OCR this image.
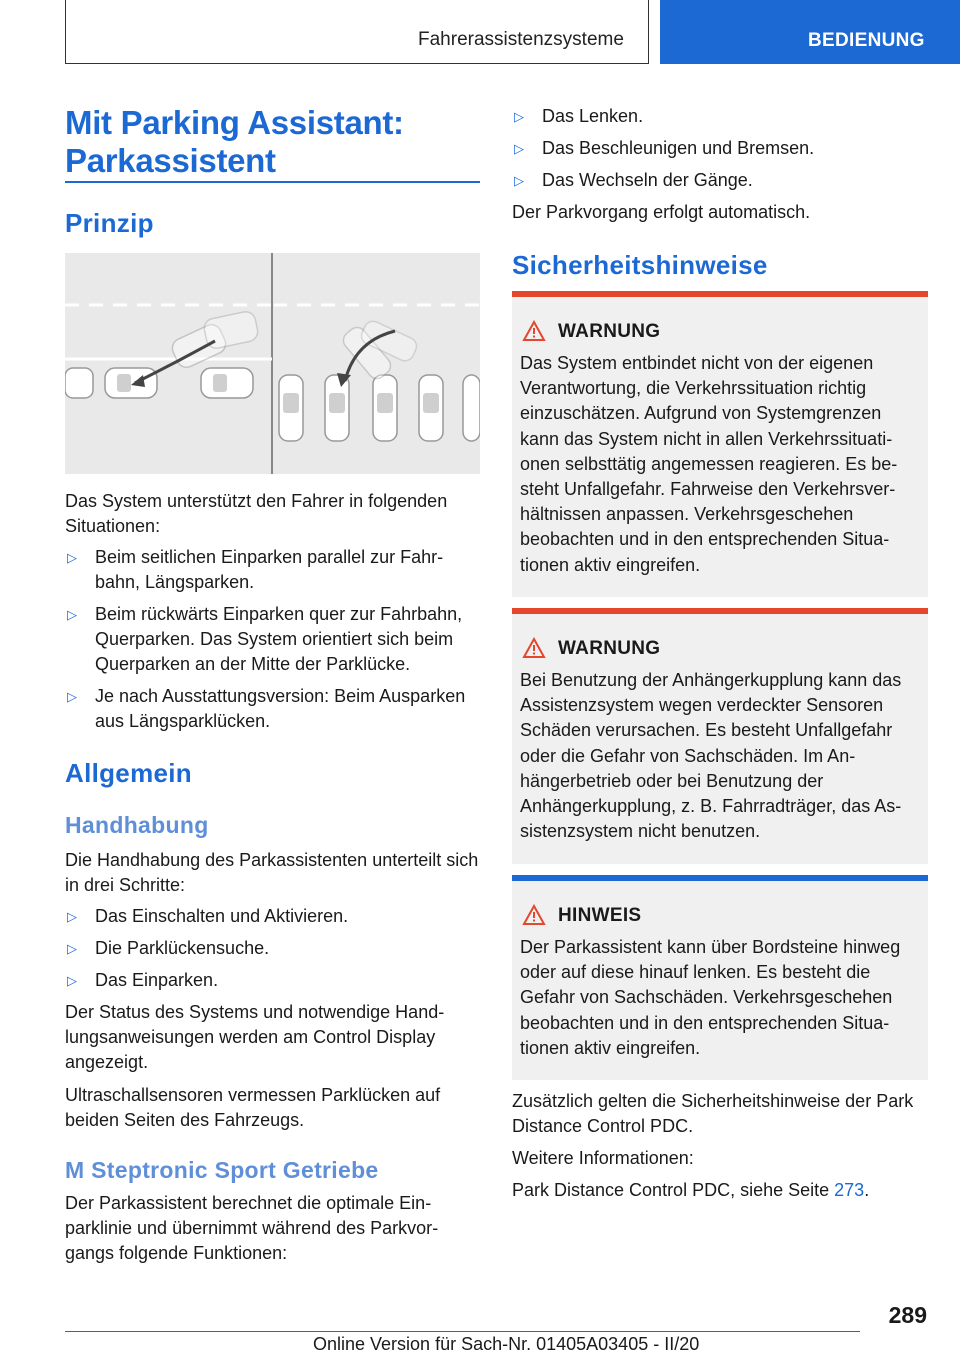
Fahrerassistenzsysteme	BEDIENUNG
Mit Parking Assistant: Parkassistent
Prinzip
Das System unterstützt den Fahrer in folgenden Situationen:
▷ Beim seitlichen Einparken parallel zur Fahrbahn, Längsparken.
▷ Beim rückwärts Einparken quer zur Fahrbahn, Querparken. Das System orientiert sich beim Querparken an der Mitte der Parklücke.
▷ Je nach Ausstattungsversion: Beim Ausparken aus Längsparklücken.
Allgemein
Handhabung
Die Handhabung des Parkassistenten unterteilt sich in drei Schritte:
▷ Das Einschalten und Aktivieren.
▷ Die Parklückensuche.
▷ Das Einparken.
Der Status des Systems und notwendige Handlungsanweisungen werden am Control Display angezeigt.
Ultraschallsensoren vermessen Parklücken auf beiden Seiten des Fahrzeugs.
M Steptronic Sport Getriebe
Der Parkassistent berechnet die optimale Einparklinie und übernimmt während des Parkvorgangs folgende Funktionen:
▷ Das Lenken.
▷ Das Beschleunigen und Bremsen.
▷ Das Wechseln der Gänge.
Der Parkvorgang erfolgt automatisch.
Sicherheitshinweise
WARNUNG
Das System entbindet nicht von der eigenen Verantwortung, die Verkehrssituation richtig einzuschätzen. Aufgrund von Systemgrenzen kann das System nicht in allen Verkehrssituationen selbsttätig angemessen reagieren. Es besteht Unfallgefahr. Fahrweise den Verkehrsverhältnissen anpassen. Verkehrsgeschehen beobachten und in den entsprechenden Situationen aktiv eingreifen.
WARNUNG
Bei Benutzung der Anhängerkupplung kann das Assistenzsystem wegen verdeckter Sensoren Schäden verursachen. Es besteht Unfallgefahr oder die Gefahr von Sachschäden. Im Anhängerbetrieb oder bei Benutzung der Anhängerkupplung, z. B. Fahrradträger, das Assistenzsystem nicht benutzen.
HINWEIS
Der Parkassistent kann über Bordsteine hinweg oder auf diese hinauf lenken. Es besteht die Gefahr von Sachschäden. Verkehrsgeschehen beobachten und in den entsprechenden Situationen aktiv eingreifen.
Zusätzlich gelten die Sicherheitshinweise der Park Distance Control PDC.
Weitere Informationen:
Park Distance Control PDC, siehe Seite 273.
289
Online Version für Sach-Nr. 01405A03405 - II/20
